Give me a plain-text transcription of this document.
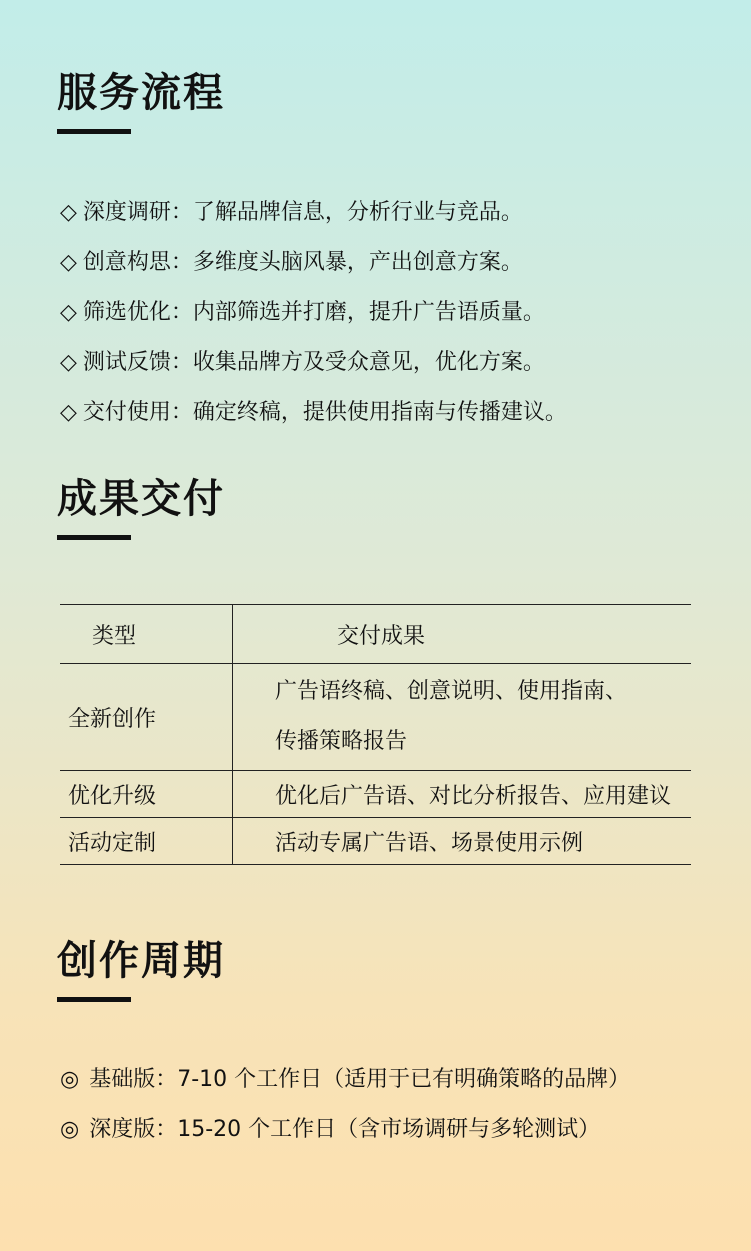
服务流程
◇ 深度调研：了解品牌信息，分析行业与竞品。
◇ 创意构思：多维度头脑风暴，产出创意方案。
◇ 筛选优化：内部筛选并打磨，提升广告语质量。
◇ 测试反馈：收集品牌方及受众意见，优化方案。
◇ 交付使用：确定终稿，提供使用指南与传播建议。
成果交付
类型	交付成果
全新创作	广告语终稿、创意说明、使用指南、
传播策略报告

优化升级	优化后广告语、对比分析报告、应用建议

活动定制	活动专属广告语、场景使用示例
创作周期
◎ 基础版：7-10 个工作日（适用于已有明确策略的品牌）
◎ 深度版：15-20 个工作日（含市场调研与多轮测试）
